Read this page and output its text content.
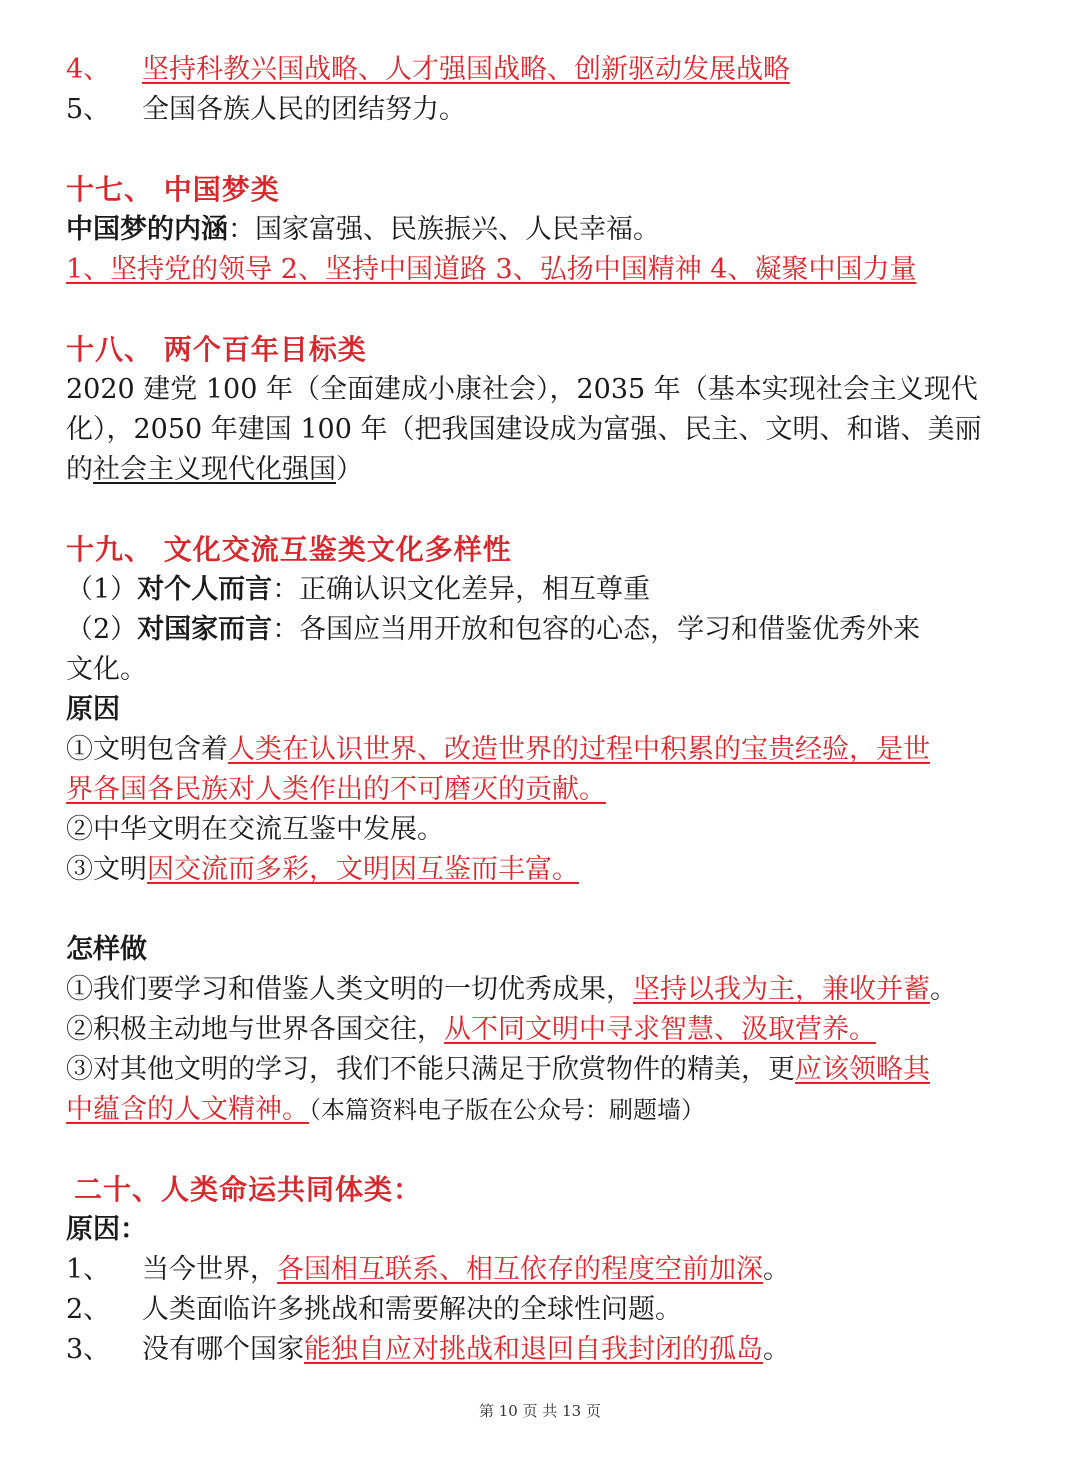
4、 坚持科教兴国战略、人才强国战略、创新驱动发展战略
5、 全国各族人民的团结努力。
十七、 中国梦类
中国梦的内涵：国家富强、民族振兴、人民幸福。
1、坚持党的领导 2、坚持中国道路 3、弘扬中国精神 4、凝聚中国力量
十八、 两个百年目标类
2020 建党 100 年（全面建成小康社会），2035 年（基本实现社会主义现代
化），2050 年建国 100 年（把我国建设成为富强、民主、文明、和谐、美丽
的社会主义现代化强国）
十九、 文化交流互鉴类文化多样性
（1）对个人而言：正确认识文化差异，相互尊重
（2）对国家而言：各国应当用开放和包容的心态，学习和借鉴优秀外来
文化。
原因
①文明包含着人类在认识世界、改造世界的过程中积累的宝贵经验，是世
界各国各民族对人类作出的不可磨灭的贡献。
②中华文明在交流互鉴中发展。
③文明因交流而多彩，文明因互鉴而丰富。
怎样做
①我们要学习和借鉴人类文明的一切优秀成果，坚持以我为主，兼收并蓄。
②积极主动地与世界各国交往，从不同文明中寻求智慧、汲取营养。
③对其他文明的学习，我们不能只满足于欣赏物件的精美，更应该领略其
中蕴含的人文精神。（本篇资料电子版在公众号：刷题墙）
二十、人类命运共同体类：
原因：
1、 当今世界，各国相互联系、相互依存的程度空前加深。
2、 人类面临许多挑战和需要解决的全球性问题。
3、 没有哪个国家能独自应对挑战和退回自我封闭的孤岛。
第 10 页 共 13 页
